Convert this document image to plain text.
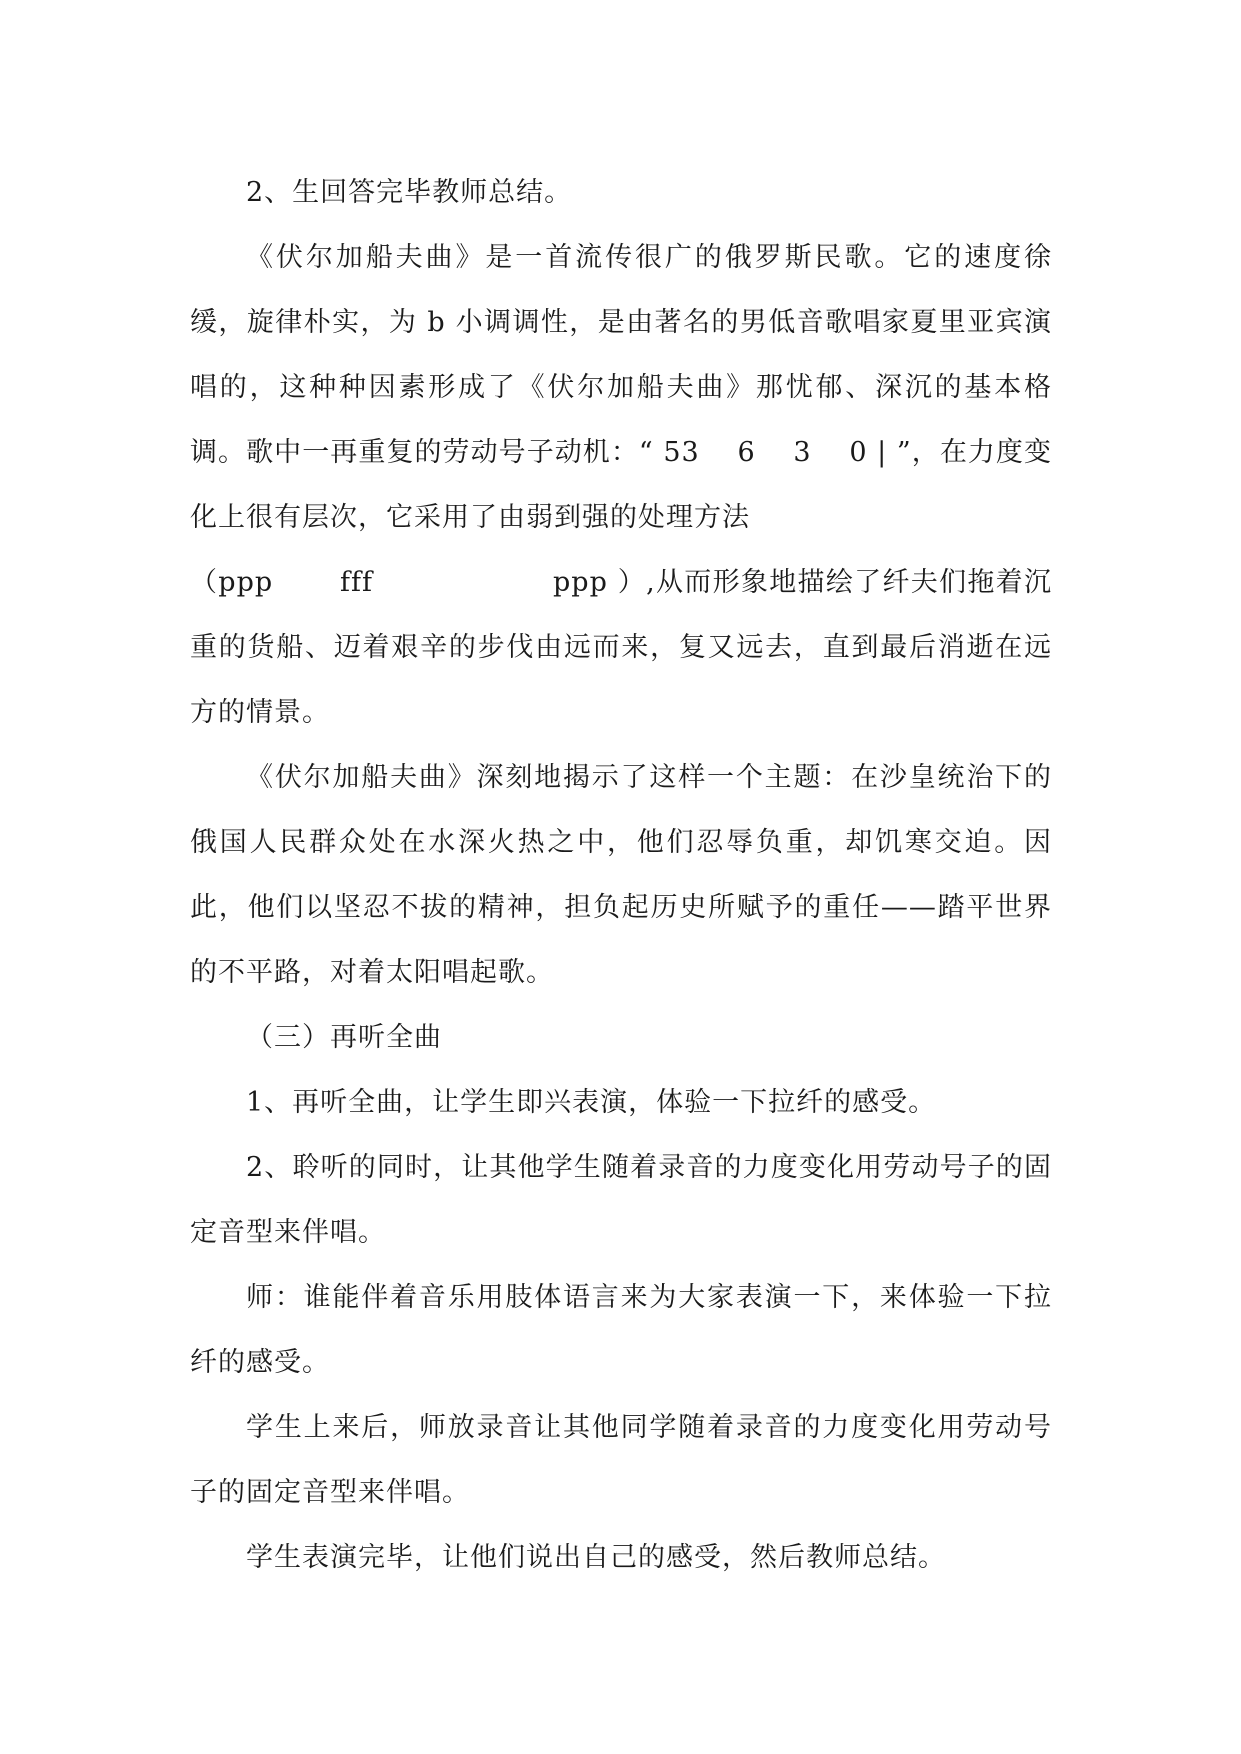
2、生回答完毕教师总结。

《伏尔加船夫曲》是一首流传很广的俄罗斯民歌。它的速度徐缓，旋律朴实，为 b 小调调性，是由著名的男低音歌唱家夏里亚宾演唱的，这种种因素形成了《伏尔加船夫曲》那忧郁、深沉的基本格调。歌中一再重复的劳动号子动机：“ 53　 6　 3　 0 | ”，在力度变化上很有层次，它采用了由弱到强的处理方法

（ppp　　 fff　　　　　　 ppp ）,从而形象地描绘了纤夫们拖着沉重的货船、迈着艰辛的步伐由远而来，复又远去，直到最后消逝在远方的情景。

《伏尔加船夫曲》深刻地揭示了这样一个主题：在沙皇统治下的俄国人民群众处在水深火热之中，他们忍辱负重，却饥寒交迫。因此，他们以坚忍不拔的精神，担负起历史所赋予的重任——踏平世界的不平路，对着太阳唱起歌。

（三）再听全曲

1、再听全曲，让学生即兴表演，体验一下拉纤的感受。

2、聆听的同时，让其他学生随着录音的力度变化用劳动号子的固定音型来伴唱。

师：谁能伴着音乐用肢体语言来为大家表演一下，来体验一下拉纤的感受。

学生上来后，师放录音让其他同学随着录音的力度变化用劳动号子的固定音型来伴唱。

学生表演完毕，让他们说出自己的感受，然后教师总结。
